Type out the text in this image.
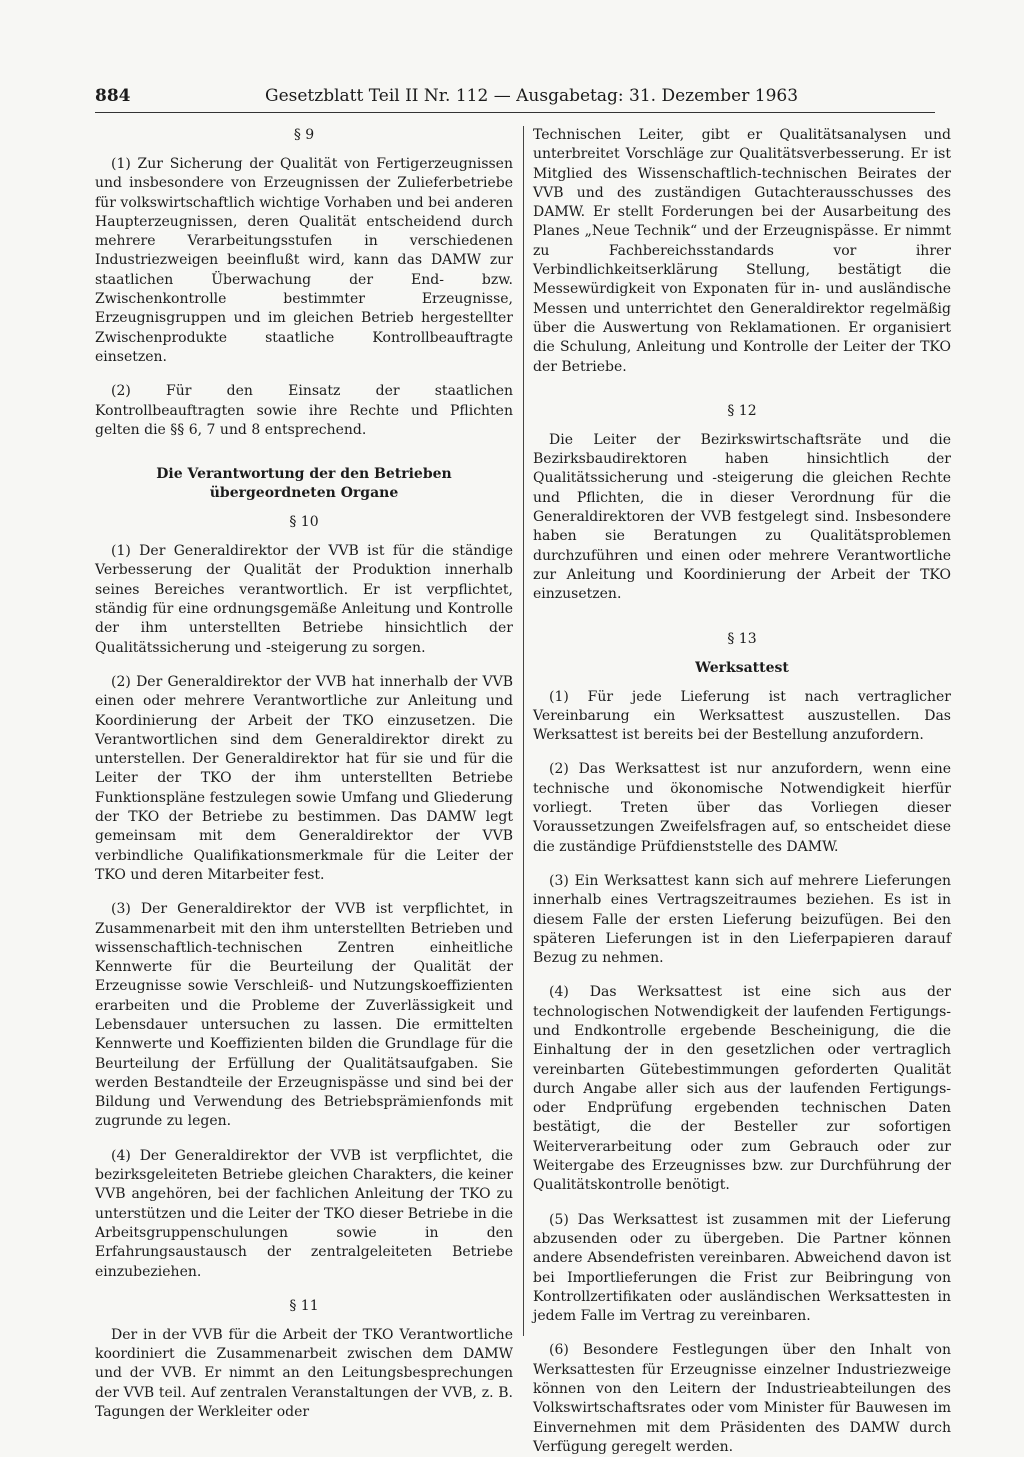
884	Gesetzblatt Teil II Nr. 112 — Ausgabetag: 31. Dezember 1963

§ 9

(1) Zur Sicherung der Qualität von Fertigerzeugnissen und insbesondere von Erzeugnissen der Zulieferbetriebe für volkswirtschaftlich wichtige Vorhaben und bei anderen Haupterzeugnissen, deren Qualität entscheidend durch mehrere Verarbeitungsstufen in verschiedenen Industriezweigen beeinflußt wird, kann das DAMW zur staatlichen Überwachung der End- bzw. Zwischenkontrolle bestimmter Erzeugnisse, Erzeugnisgruppen und im gleichen Betrieb hergestellter Zwischenprodukte staatliche Kontrollbeauftragte einsetzen.

(2) Für den Einsatz der staatlichen Kontrollbeauftragten sowie ihre Rechte und Pflichten gelten die §§ 6, 7 und 8 entsprechend.

Die Verantwortung der den Betrieben

übergeordneten Organe

§ 10

(1) Der Generaldirektor der VVB ist für die ständige Verbesserung der Qualität der Produktion innerhalb seines Bereiches verantwortlich. Er ist verpflichtet, ständig für eine ordnungsgemäße Anleitung und Kontrolle der ihm unterstellten Betriebe hinsichtlich der Qualitätssicherung und -steigerung zu sorgen.

(2) Der Generaldirektor der VVB hat innerhalb der VVB einen oder mehrere Verantwortliche zur Anleitung und Koordinierung der Arbeit der TKO einzusetzen. Die Verantwortlichen sind dem Generaldirektor direkt zu unterstellen. Der Generaldirektor hat für sie und für die Leiter der TKO der ihm unterstellten Betriebe Funktionspläne festzulegen sowie Umfang und Gliederung der TKO der Betriebe zu bestimmen. Das DAMW legt gemeinsam mit dem Generaldirektor der VVB verbindliche Qualifikationsmerkmale für die Leiter der TKO und deren Mitarbeiter fest.

(3) Der Generaldirektor der VVB ist verpflichtet, in Zusammenarbeit mit den ihm unterstellten Betrieben und wissenschaftlich-technischen Zentren einheitliche Kennwerte für die Beurteilung der Qualität der Erzeugnisse sowie Verschleiß- und Nutzungskoeffizienten erarbeiten und die Probleme der Zuverlässigkeit und Lebensdauer untersuchen zu lassen. Die ermittelten Kennwerte und Koeffizienten bilden die Grundlage für die Beurteilung der Erfüllung der Qualitätsaufgaben. Sie werden Bestandteile der Erzeugnispässe und sind bei der Bildung und Verwendung des Betriebsprämienfonds mit zugrunde zu legen.

(4) Der Generaldirektor der VVB ist verpflichtet, die bezirksgeleiteten Betriebe gleichen Charakters, die keiner VVB angehören, bei der fachlichen Anleitung der TKO zu unterstützen und die Leiter der TKO dieser Betriebe in die Arbeitsgruppenschulungen sowie in den Erfahrungsaustausch der zentralgeleiteten Betriebe einzubeziehen.

§ 11

Der in der VVB für die Arbeit der TKO Verantwortliche koordiniert die Zusammenarbeit zwischen dem DAMW und der VVB. Er nimmt an den Leitungsbesprechungen der VVB teil. Auf zentralen Veranstaltungen der VVB, z. B. Tagungen der Werkleiter oder

Technischen Leiter, gibt er Qualitätsanalysen und unterbreitet Vorschläge zur Qualitätsverbesserung. Er ist Mitglied des Wissenschaftlich-technischen Beirates der VVB und des zuständigen Gutachterausschusses des DAMW. Er stellt Forderungen bei der Ausarbeitung des Planes „Neue Technik“ und der Erzeugnispässe. Er nimmt zu Fachbereichsstandards vor ihrer Verbindlichkeitserklärung Stellung, bestätigt die Messewürdigkeit von Exponaten für in- und ausländische Messen und unterrichtet den Generaldirektor regelmäßig über die Auswertung von Reklamationen. Er organisiert die Schulung, Anleitung und Kontrolle der Leiter der TKO der Betriebe.

§ 12

Die Leiter der Bezirkswirtschaftsräte und die Bezirksbaudirektoren haben hinsichtlich der Qualitätssicherung und -steigerung die gleichen Rechte und Pflichten, die in dieser Verordnung für die Generaldirektoren der VVB festgelegt sind. Insbesondere haben sie Beratungen zu Qualitätsproblemen durchzuführen und einen oder mehrere Verantwortliche zur Anleitung und Koordinierung der Arbeit der TKO einzusetzen.

§ 13

Werksattest

(1) Für jede Lieferung ist nach vertraglicher Vereinbarung ein Werksattest auszustellen. Das Werksattest ist bereits bei der Bestellung anzufordern.

(2) Das Werksattest ist nur anzufordern, wenn eine technische und ökonomische Notwendigkeit hierfür vorliegt. Treten über das Vorliegen dieser Voraussetzungen Zweifelsfragen auf, so entscheidet diese die zuständige Prüfdienststelle des DAMW.

(3) Ein Werksattest kann sich auf mehrere Lieferungen innerhalb eines Vertragszeitraumes beziehen. Es ist in diesem Falle der ersten Lieferung beizufügen. Bei den späteren Lieferungen ist in den Lieferpapieren darauf Bezug zu nehmen.

(4) Das Werksattest ist eine sich aus der technologischen Notwendigkeit der laufenden Fertigungs- und Endkontrolle ergebende Bescheinigung, die die Einhaltung der in den gesetzlichen oder vertraglich vereinbarten Gütebestimmungen geforderten Qualität durch Angabe aller sich aus der laufenden Fertigungs- oder Endprüfung ergebenden technischen Daten bestätigt, die der Besteller zur sofortigen Weiterverarbeitung oder zum Gebrauch oder zur Weitergabe des Erzeugnisses bzw. zur Durchführung der Qualitätskontrolle benötigt.

(5) Das Werksattest ist zusammen mit der Lieferung abzusenden oder zu übergeben. Die Partner können andere Absendefristen vereinbaren. Abweichend davon ist bei Importlieferungen die Frist zur Beibringung von Kontrollzertifikaten oder ausländischen Werksattesten in jedem Falle im Vertrag zu vereinbaren.

(6) Besondere Festlegungen über den Inhalt von Werksattesten für Erzeugnisse einzelner Industriezweige können von den Leitern der Industrieabteilungen des Volkswirtschaftsrates oder vom Minister für Bauwesen im Einvernehmen mit dem Präsidenten des DAMW durch Verfügung geregelt werden.
